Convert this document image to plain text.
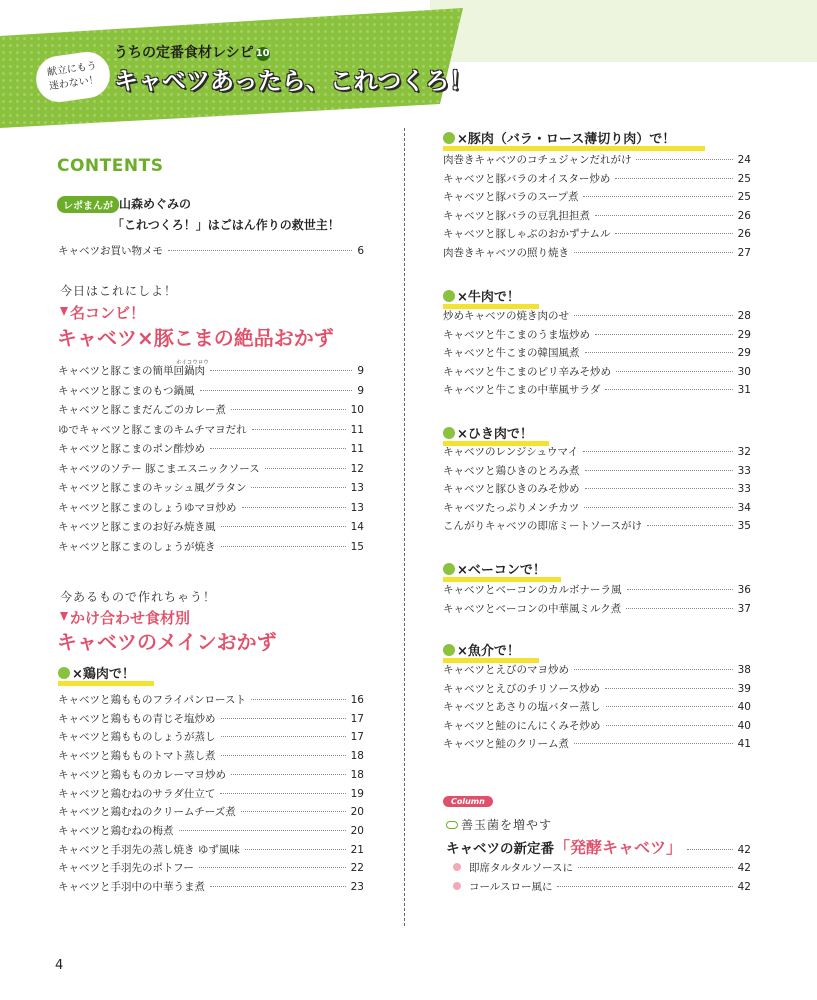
うちの定番食材レシピ 10
キャベツあったら、これつくろ！
献立にもう
迷わない！
CONTENTS
レポまんが 山森めぐみの
「これつくろ！」はごはん作りの救世主！
キャベツお買い物メモ	6
今日はこれにしよ！
名コンビ！
キャベツ×豚こまの絶品おかず
ホイコウロウ
キャベツと豚こまの簡単回鍋肉	9
キャベツと豚こまのもつ鍋風	9
キャベツと豚こまだんごのカレー煮	10
ゆでキャベツと豚こまのキムチマヨだれ	11
キャベツと豚こまのポン酢炒め	11
キャベツのソテー 豚こまエスニックソース	12
キャベツと豚こまのキッシュ風グラタン	13
キャベツと豚こまのしょうゆマヨ炒め	13
キャベツと豚こまのお好み焼き風	14
キャベツと豚こまのしょうが焼き	15
今あるもので作れちゃう！
かけ合わせ食材別
キャベツのメインおかず
×鶏肉で！
キャベツと鶏もものフライパンロースト	16
キャベツと鶏ももの青じそ塩炒め	17
キャベツと鶏もものしょうが蒸し	17
キャベツと鶏もものトマト蒸し煮	18
キャベツと鶏もものカレーマヨ炒め	18
キャベツと鶏むねのサラダ仕立て	19
キャベツと鶏むねのクリームチーズ煮	20
キャベツと鶏むねの梅煮	20
キャベツと手羽先の蒸し焼き ゆず風味	21
キャベツと手羽先のポトフー	22
キャベツと手羽中の中華うま煮	23
×豚肉（バラ・ロース薄切り肉）で！
肉巻きキャベツのコチュジャンだれがけ	24
キャベツと豚バラのオイスター炒め	25
キャベツと豚バラのスープ煮	25
キャベツと豚バラの豆乳担担煮	26
キャベツと豚しゃぶのおかずナムル	26
肉巻きキャベツの照り焼き	27
×牛肉で！
炒めキャベツの焼き肉のせ	28
キャベツと牛こまのうま塩炒め	29
キャベツと牛こまの韓国風煮	29
キャベツと牛こまのピリ辛みそ炒め	30
キャベツと牛こまの中華風サラダ	31
×ひき肉で！
キャベツのレンジシュウマイ	32
キャベツと鶏ひきのとろみ煮	33
キャベツと豚ひきのみそ炒め	33
キャベツたっぷりメンチカツ	34
こんがりキャベツの即席ミートソースがけ	35
×ベーコンで！
キャベツとベーコンのカルボナーラ風	36
キャベツとベーコンの中華風ミルク煮	37
×魚介で！
キャベツとえびのマヨ炒め	38
キャベツとえびのチリソース炒め	39
キャベツとあさりの塩バター蒸し	40
キャベツと鮭のにんにくみそ炒め	40
キャベツと鮭のクリーム煮	41
Column
善玉菌を増やす
キャベツの新定番 「発酵キャベツ」	42
即席タルタルソースに	42
コールスロー風に	42
4
